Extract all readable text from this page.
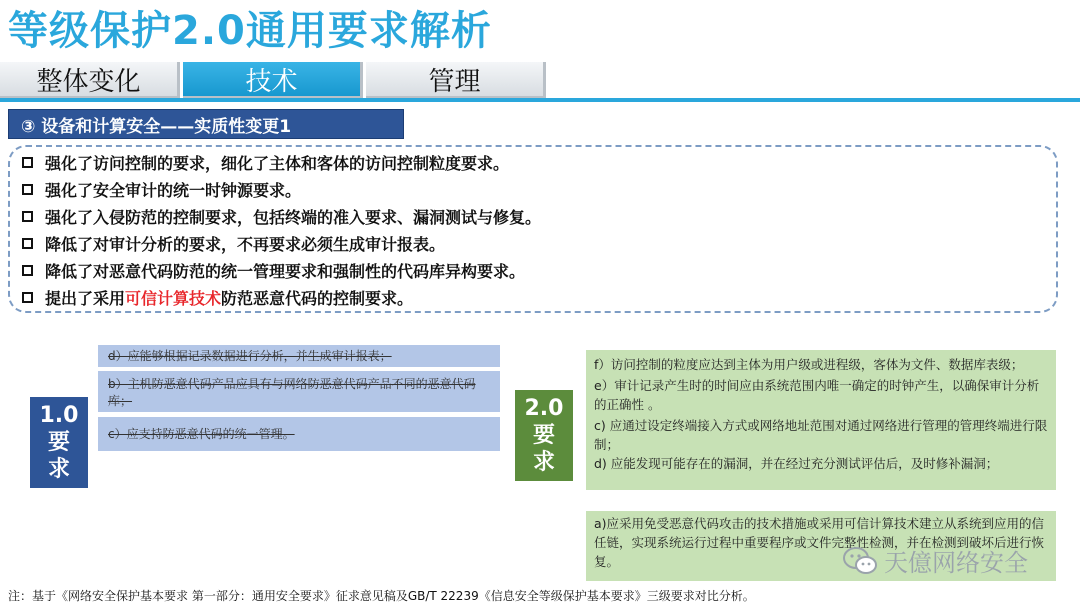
等级保护2.0通用要求解析
整体变化	技术	管理
③ 设备和计算安全——实质性变更1
强化了访问控制的要求，细化了主体和客体的访问控制粒度要求。
强化了安全审计的统一时钟源要求。
强化了入侵防范的控制要求，包括终端的准入要求、漏洞测试与修复。
降低了对审计分析的要求，不再要求必须生成审计报表。
降低了对恶意代码防范的统一管理要求和强制性的代码库异构要求。
提出了采用 可信计算技术 防范恶意代码的控制要求。
1.0
要
求
d）应能够根据记录数据进行分析，并生成审计报表；
b）主机防恶意代码产品应具有与网络防恶意代码产品不同的恶意代码库；
c）应支持防恶意代码的统一管理。
2.0
要
求

f）访问控制的粒度应达到主体为用户级或进程级，客体为文件、数据库表级；

e）审计记录产生时的时间应由系统范围内唯一确定的时钟产生，以确保审计分析的正确性 。

c) 应通过设定终端接入方式或网络地址范围对通过网络进行管理的管理终端进行限制；

d) 应能发现可能存在的漏洞，并在经过充分测试评估后，及时修补漏洞；

a)应采用免受恶意代码攻击的技术措施或采用可信计算技术建立从系统到应用的信任链，实现系统运行过程中重要程序或文件完整性检测，并在检测到破坏后进行恢复。	天億网络安全
注：基于《网络安全保护基本要求 第一部分：通用安全要求》征求意见稿及GB/T 22239《信息安全等级保护基本要求》三级要求对比分析。
